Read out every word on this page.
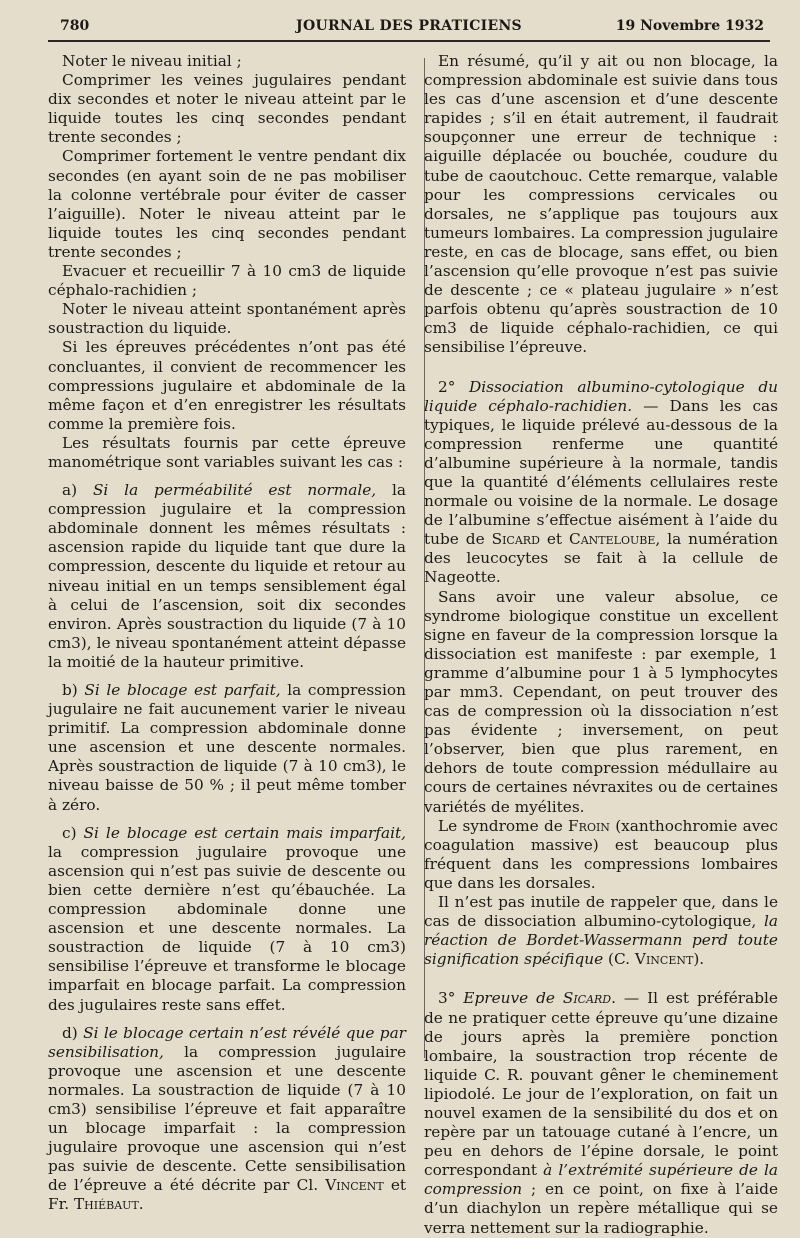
780	JOURNAL DES PRATICIENS	19 Novembre 1932

Noter le niveau initial ;

Comprimer les veines jugulaires pendant dix secondes et noter le niveau atteint par le liquide toutes les cinq secondes pendant trente secondes ;

Comprimer fortement le ventre pendant dix secondes (en ayant soin de ne pas mobiliser la colonne vertébrale pour éviter de casser l’aiguille). Noter le niveau atteint par le liquide toutes les cinq secondes pendant trente secondes ;

Evacuer et recueillir 7 à 10 cm3 de liquide céphalo-rachidien ;

Noter le niveau atteint spontanément après soustraction du liquide.

Si les épreuves précédentes n’ont pas été concluantes, il convient de recommencer les compressions jugulaire et abdominale de la même façon et d’en enregistrer les résultats comme la première fois.

Les résultats fournis par cette épreuve manométrique sont variables suivant les cas :

a) Si la perméabilité est normale, la compression jugulaire et la compression abdominale donnent les mêmes résultats : ascension rapide du liquide tant que dure la compression, descente du liquide et retour au niveau initial en un temps sensiblement égal à celui de l’ascension, soit dix secondes environ. Après soustraction du liquide (7 à 10 cm3), le niveau spontanément atteint dépasse la moitié de la hauteur primitive.

b) Si le blocage est parfait, la compression jugulaire ne fait aucunement varier le niveau primitif. La compression abdominale donne une ascension et une descente normales. Après soustraction de liquide (7 à 10 cm3), le niveau baisse de 50 % ; il peut même tomber à zéro.

c) Si le blocage est certain mais imparfait, la compression jugulaire provoque une ascension qui n’est pas suivie de descente ou bien cette dernière n’est qu’ébauchée. La compression abdominale donne une ascension et une descente normales. La soustraction de liquide (7 à 10 cm3) sensibilise l’épreuve et transforme le blocage imparfait en blocage parfait. La compression des jugulaires reste sans effet.

d) Si le blocage certain n’est révélé que par sensibilisation, la compression jugulaire provoque une ascension et une descente normales. La soustraction de liquide (7 à 10 cm3) sensibilise l’épreuve et fait apparaître un blocage imparfait : la compression jugulaire provoque une ascension qui n’est pas suivie de descente. Cette sensibilisation de l’épreuve a été décrite par Cl. Vincent et Fr. Thiébaut.

En résumé, qu’il y ait ou non blocage, la compression abdominale est suivie dans tous les cas d’une ascension et d’une descente rapides ; s’il en était autrement, il faudrait soupçonner une erreur de technique : aiguille déplacée ou bouchée, coudure du tube de caoutchouc. Cette remarque, valable pour les compressions cervicales ou dorsales, ne s’applique pas toujours aux tumeurs lombaires. La compression jugulaire reste, en cas de blocage, sans effet, ou bien l’ascension qu’elle provoque n’est pas suivie de descente ; ce « plateau jugulaire » n’est parfois obtenu qu’après soustraction de 10 cm3 de liquide céphalo-rachidien, ce qui sensibilise l’épreuve.

2° Dissociation albumino-cytologique du liquide céphalo-rachidien. — Dans les cas typiques, le liquide prélevé au-dessous de la compression renferme une quantité d’albumine supérieure à la normale, tandis que la quantité d’éléments cellulaires reste normale ou voisine de la normale. Le dosage de l’albumine s’effectue aisément à l’aide du tube de Sicard et Canteloube, la numération des leucocytes se fait à la cellule de Nageotte.

Sans avoir une valeur absolue, ce syndrome biologique constitue un excellent signe en faveur de la compression lorsque la dissociation est manifeste : par exemple, 1 gramme d’albumine pour 1 à 5 lymphocytes par mm3. Cependant, on peut trouver des cas de compression où la dissociation n’est pas évidente ; inversement, on peut l’observer, bien que plus rarement, en dehors de toute compression médullaire au cours de certaines névraxites ou de certaines variétés de myélites.

Le syndrome de Froin (xanthochromie avec coagulation massive) est beaucoup plus fréquent dans les compressions lombaires que dans les dorsales.

Il n’est pas inutile de rappeler que, dans le cas de dissociation albumino-cytologique, la réaction de Bordet-Wassermann perd toute signification spécifique (C. Vincent).

3° Epreuve de Sicard. — Il est préférable de ne pratiquer cette épreuve qu’une dizaine de jours après la première ponction lombaire, la soustraction trop récente de liquide C. R. pouvant gêner le cheminement lipiodolé. Le jour de l’exploration, on fait un nouvel examen de la sensibilité du dos et on repère par un tatouage cutané à l’encre, un peu en dehors de l’épine dorsale, le point correspondant à l’extrémité supérieure de la compression ; en ce point, on fixe à l’aide d’un diachylon un repère métallique qui se verra nettement sur la radiographie.
